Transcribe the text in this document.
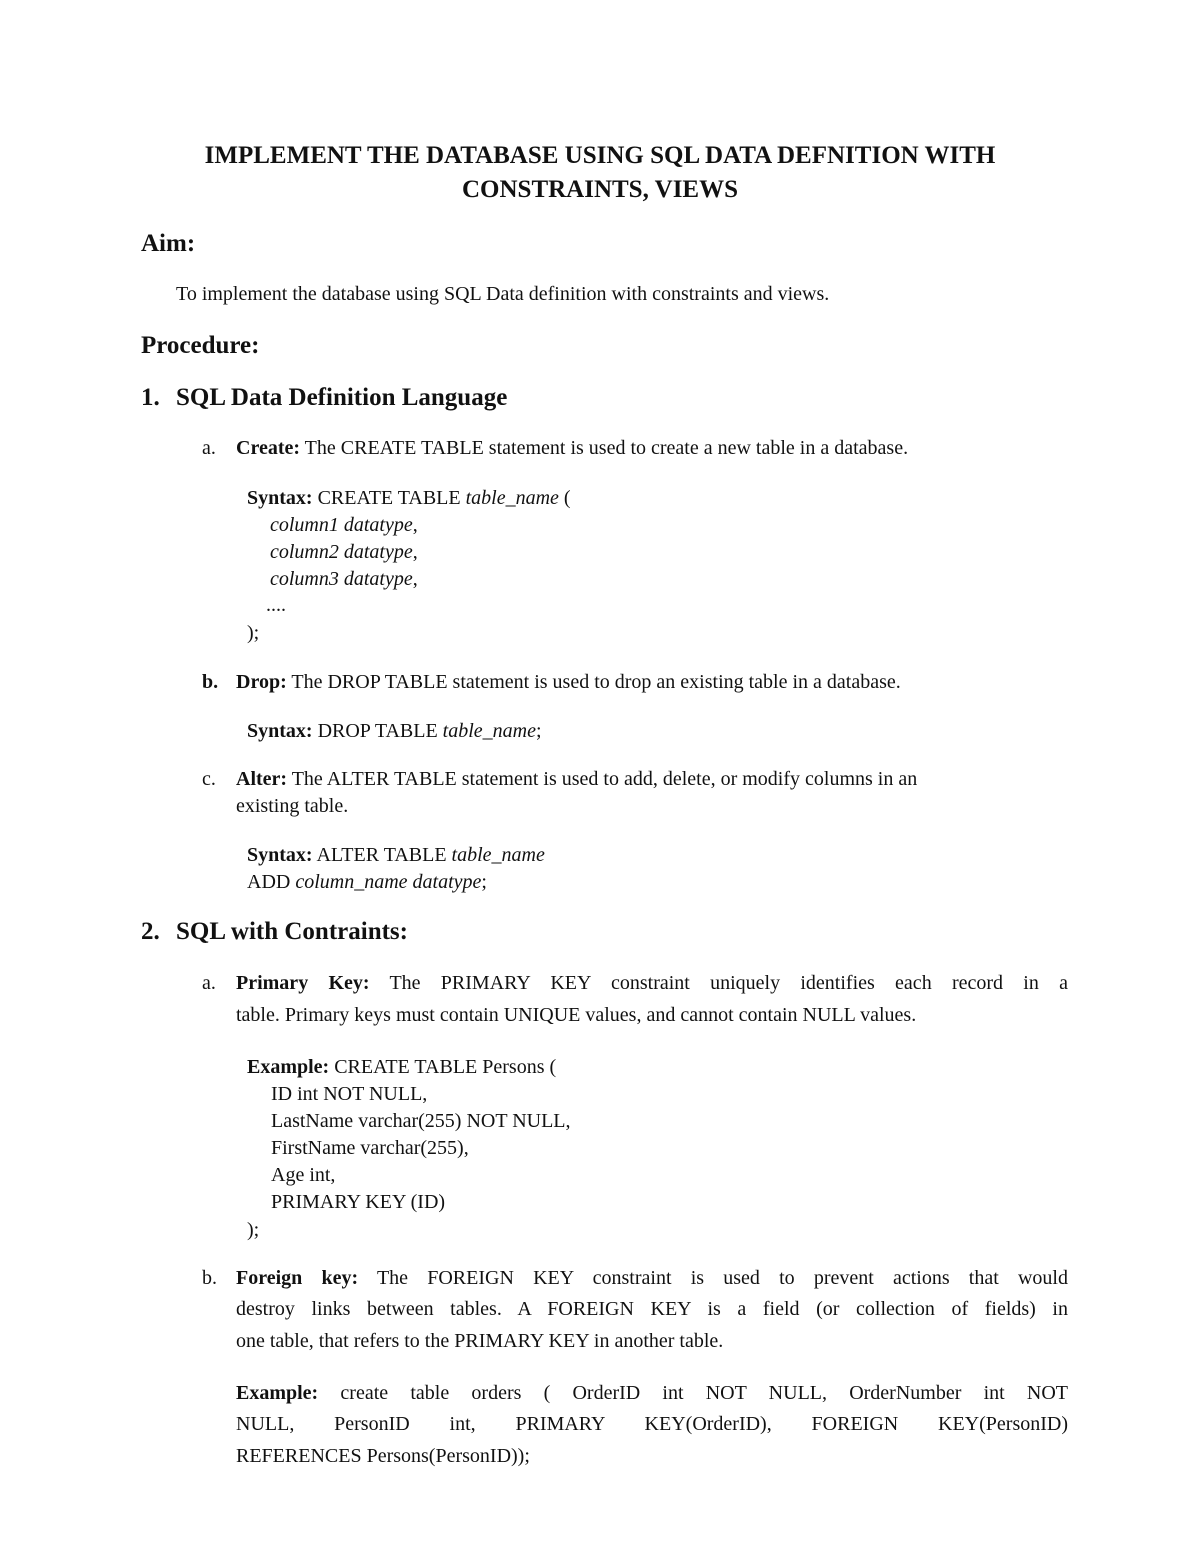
IMPLEMENT THE DATABASE USING SQL DATA DEFNITION WITH
CONSTRAINTS, VIEWS
Aim:
To implement the database using SQL Data definition with constraints and views.
Procedure:
1. SQL Data Definition Language
a. Create: The CREATE TABLE statement is used to create a new table in a database.
Syntax: CREATE TABLE table_name (
column1 datatype,
column2 datatype,
column3 datatype,
....
);
b. Drop: The DROP TABLE statement is used to drop an existing table in a database.
Syntax: DROP TABLE table_name;
c. Alter: The ALTER TABLE statement is used to add, delete, or modify columns in an
existing table.
Syntax: ALTER TABLE table_name
ADD column_name datatype;
2. SQL with Contraints:
a. Primary Key: The PRIMARY KEY constraint uniquely identifies each record in a
table. Primary keys must contain UNIQUE values, and cannot contain NULL values.
Example: CREATE TABLE Persons (
ID int NOT NULL,
LastName varchar(255) NOT NULL,
FirstName varchar(255),
Age int,
PRIMARY KEY (ID)
);
b. Foreign key: The FOREIGN KEY constraint is used to prevent actions that would
destroy links between tables. A FOREIGN KEY is a field (or collection of fields) in
one table, that refers to the PRIMARY KEY in another table.
Example: create table orders ( OrderID int NOT NULL, OrderNumber int NOT
NULL, PersonID int, PRIMARY KEY(OrderID), FOREIGN KEY(PersonID)
REFERENCES Persons(PersonID));
